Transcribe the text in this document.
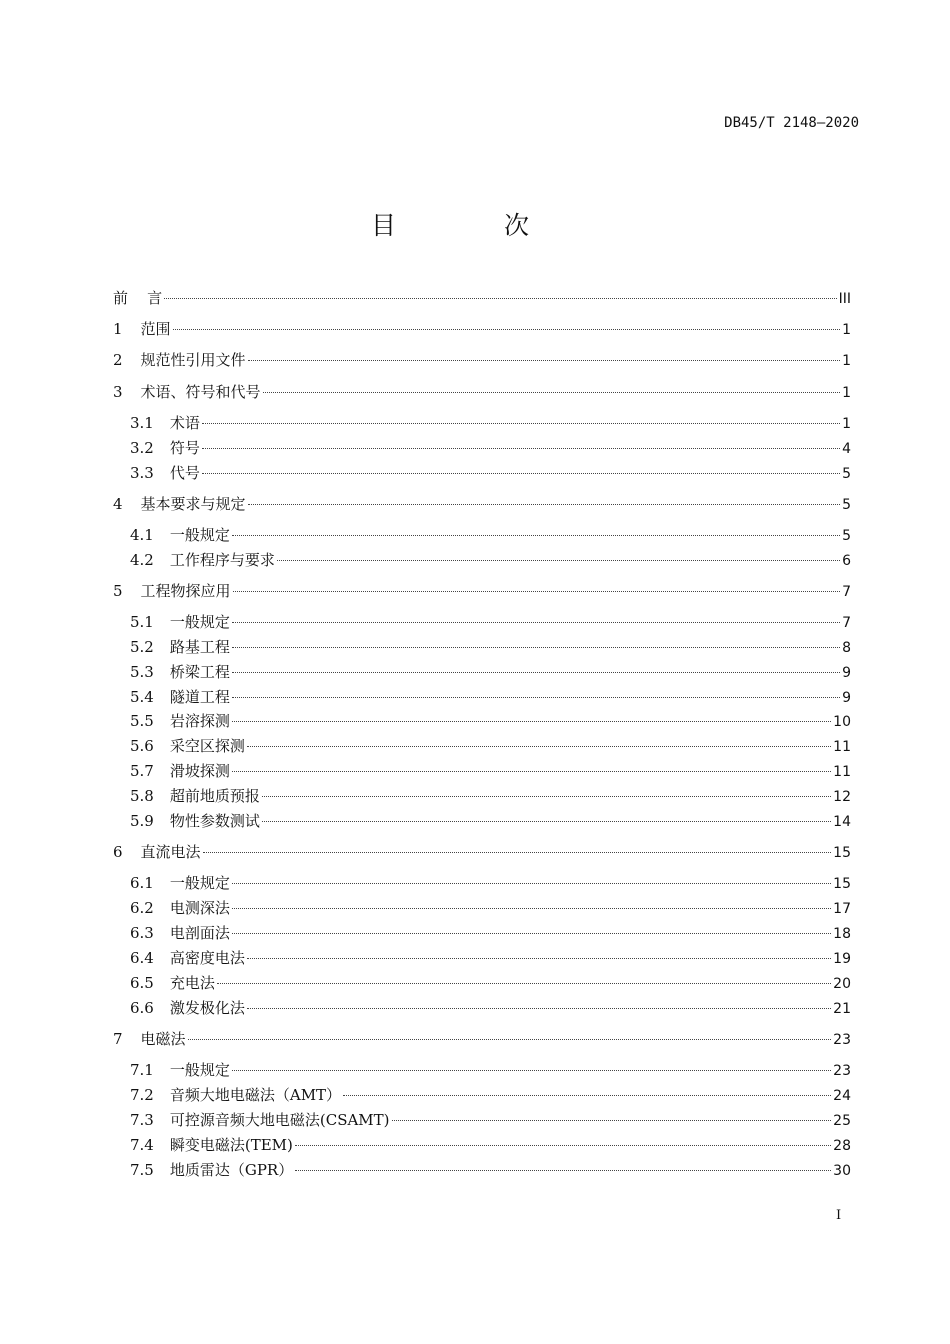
DB45/T 2148—2020
目 次
前 言	III
1 范围	1
2 规范性引用文件	1
3 术语、符号和代号	1
3.1 术语	1
3.2 符号	4
3.3 代号	5
4 基本要求与规定	5
4.1 一般规定	5
4.2 工作程序与要求	6
5 工程物探应用	7
5.1 一般规定	7
5.2 路基工程	8
5.3 桥梁工程	9
5.4 隧道工程	9
5.5 岩溶探测	10
5.6 采空区探测	11
5.7 滑坡探测	11
5.8 超前地质预报	12
5.9 物性参数测试	14
6 直流电法	15
6.1 一般规定	15
6.2 电测深法	17
6.3 电剖面法	18
6.4 高密度电法	19
6.5 充电法	20
6.6 激发极化法	21
7 电磁法	23
7.1 一般规定	23
7.2 音频大地电磁法（AMT）	24
7.3 可控源音频大地电磁法(CSAMT)	25
7.4 瞬变电磁法(TEM)	28
7.5 地质雷达（GPR）	30
I
